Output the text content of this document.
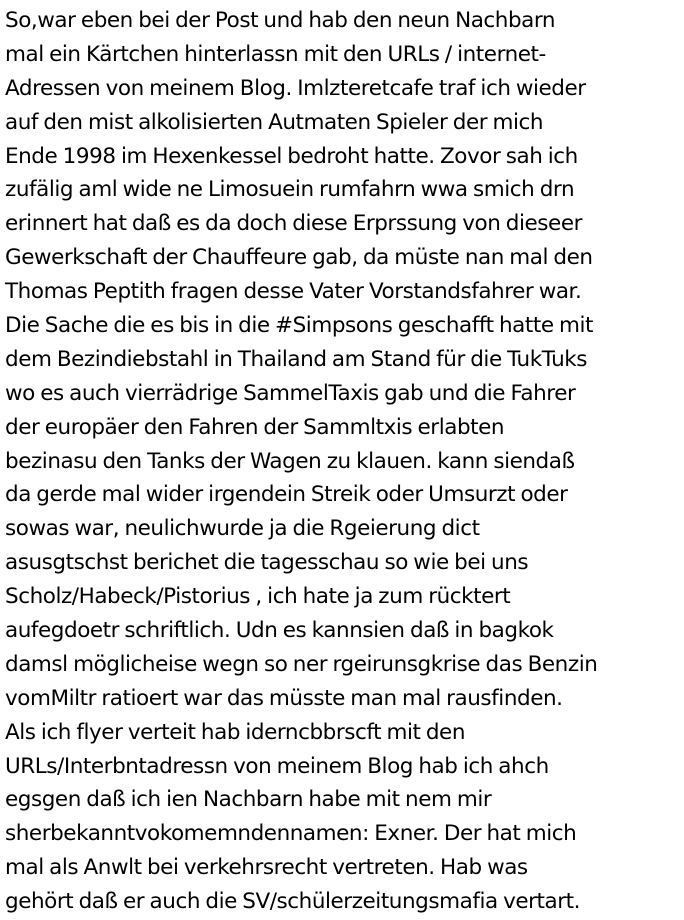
So,war eben bei der Post und hab den neun Nachbarn
mal ein Kärtchen hinterlassn mit den URLs / internet-
Adressen von meinem Blog. Imlzteretcafe traf ich wieder
auf den mist alkolisierten Autmaten Spieler der mich
Ende 1998 im Hexenkessel bedroht hatte. Zovor sah ich
zufälig aml wide ne Limosuein rumfahrn wwa smich drn
erinnert hat daß es da doch diese Erprssung von dieseer
Gewerkschaft der Chauffeure gab, da müste nan mal den
Thomas Peptith fragen desse Vater Vorstandsfahrer war.
Die Sache die es bis in die #Simpsons geschafft hatte mit
dem Bezindiebstahl in Thailand am Stand für die TukTuks
wo es auch vierrädrige SammelTaxis gab und die Fahrer
der europäer den Fahren der Sammltxis erlabten
bezinasu den Tanks der Wagen zu klauen. kann siendaß
da gerde mal wider irgendein Streik oder Umsurzt oder
sowas war, neulichwurde ja die Rgeierung dict
asusgtschst berichet die tagesschau so wie bei uns
Scholz/Habeck/Pistorius , ich hate ja zum rücktert
aufegdoetr schriftlich. Udn es kannsien daß in bagkok
damsl möglicheise wegn so ner rgeirunsgkrise das Benzin
vomMiltr ratioert war das müsste man mal rausfinden.
Als ich flyer verteit hab iderncbbrscft mit den
URLs/Interbntadressn von meinem Blog hab ich ahch
egsgen daß ich ien Nachbarn habe mit nem mir
sherbekanntvokomemndennamen: Exner. Der hat mich
mal als Anwlt bei verkehrsrecht vertreten. Hab was
gehört daß er auch die SV/schülerzeitungsmafia vertart.
